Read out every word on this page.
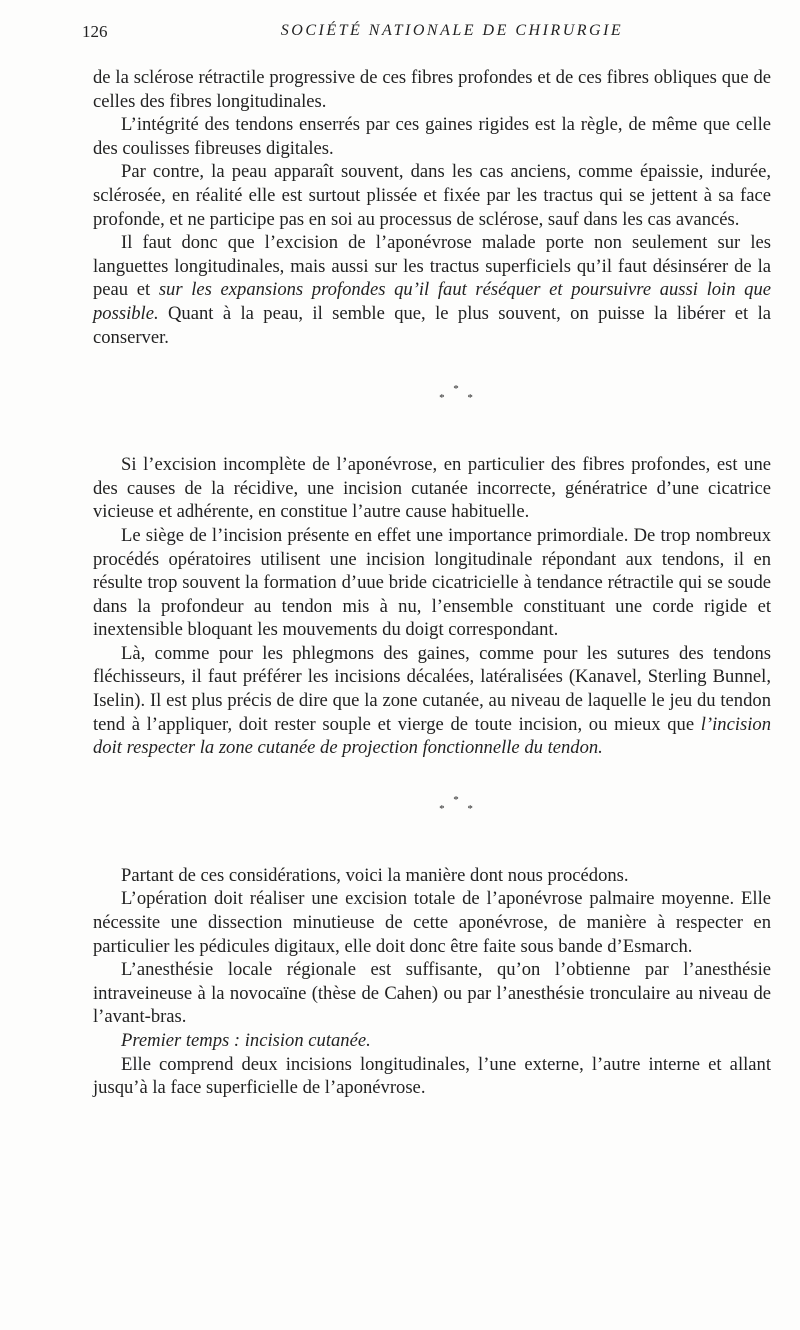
126	SOCIÉTÉ NATIONALE DE CHIRURGIE

de la sclérose rétractile progressive de ces fibres profondes et de ces fibres obliques que de celles des fibres longitudinales.

L’intégrité des tendons enserrés par ces gaines rigides est la règle, de même que celle des coulisses fibreuses digitales.

Par contre, la peau apparaît souvent, dans les cas anciens, comme épaissie, indurée, sclérosée, en réalité elle est surtout plissée et fixée par les tractus qui se jettent à sa face profonde, et ne participe pas en soi au processus de sclérose, sauf dans les cas avancés.

Il faut donc que l’excision de l’aponévrose malade porte non seulement sur les languettes longitudinales, mais aussi sur les tractus superficiels qu’il faut désinsérer de la peau et sur les expansions profondes qu’il faut réséquer et poursuivre aussi loin que possible. Quant à la peau, il semble que, le plus souvent, on puisse la libérer et la conserver.

*
* *

Si l’excision incomplète de l’aponévrose, en particulier des fibres profondes, est une des causes de la récidive, une incision cutanée incorrecte, génératrice d’une cicatrice vicieuse et adhérente, en constitue l’autre cause habituelle.

Le siège de l’incision présente en effet une importance primordiale. De trop nombreux procédés opératoires utilisent une incision longitudinale répondant aux tendons, il en résulte trop souvent la formation d’uue bride cicatricielle à tendance rétractile qui se soude dans la profondeur au tendon mis à nu, l’ensemble constituant une corde rigide et inextensible bloquant les mouvements du doigt correspondant.

Là, comme pour les phlegmons des gaines, comme pour les sutures des tendons fléchisseurs, il faut préférer les incisions décalées, latéralisées (Kanavel, Sterling Bunnel, Iselin). Il est plus précis de dire que la zone cutanée, au niveau de laquelle le jeu du tendon tend à l’appliquer, doit rester souple et vierge de toute incision, ou mieux que l’incision doit respecter la zone cutanée de projection fonctionnelle du tendon.

*
* *

Partant de ces considérations, voici la manière dont nous procédons.

L’opération doit réaliser une excision totale de l’aponévrose palmaire moyenne. Elle nécessite une dissection minutieuse de cette aponévrose, de manière à respecter en particulier les pédicules digitaux, elle doit donc être faite sous bande d’Esmarch.

L’anesthésie locale régionale est suffisante, qu’on l’obtienne par l’anesthésie intraveineuse à la novocaïne (thèse de Cahen) ou par l’anesthésie tronculaire au niveau de l’avant-bras.

Premier temps : incision cutanée.

Elle comprend deux incisions longitudinales, l’une externe, l’autre interne et allant jusqu’à la face superficielle de l’aponévrose.
